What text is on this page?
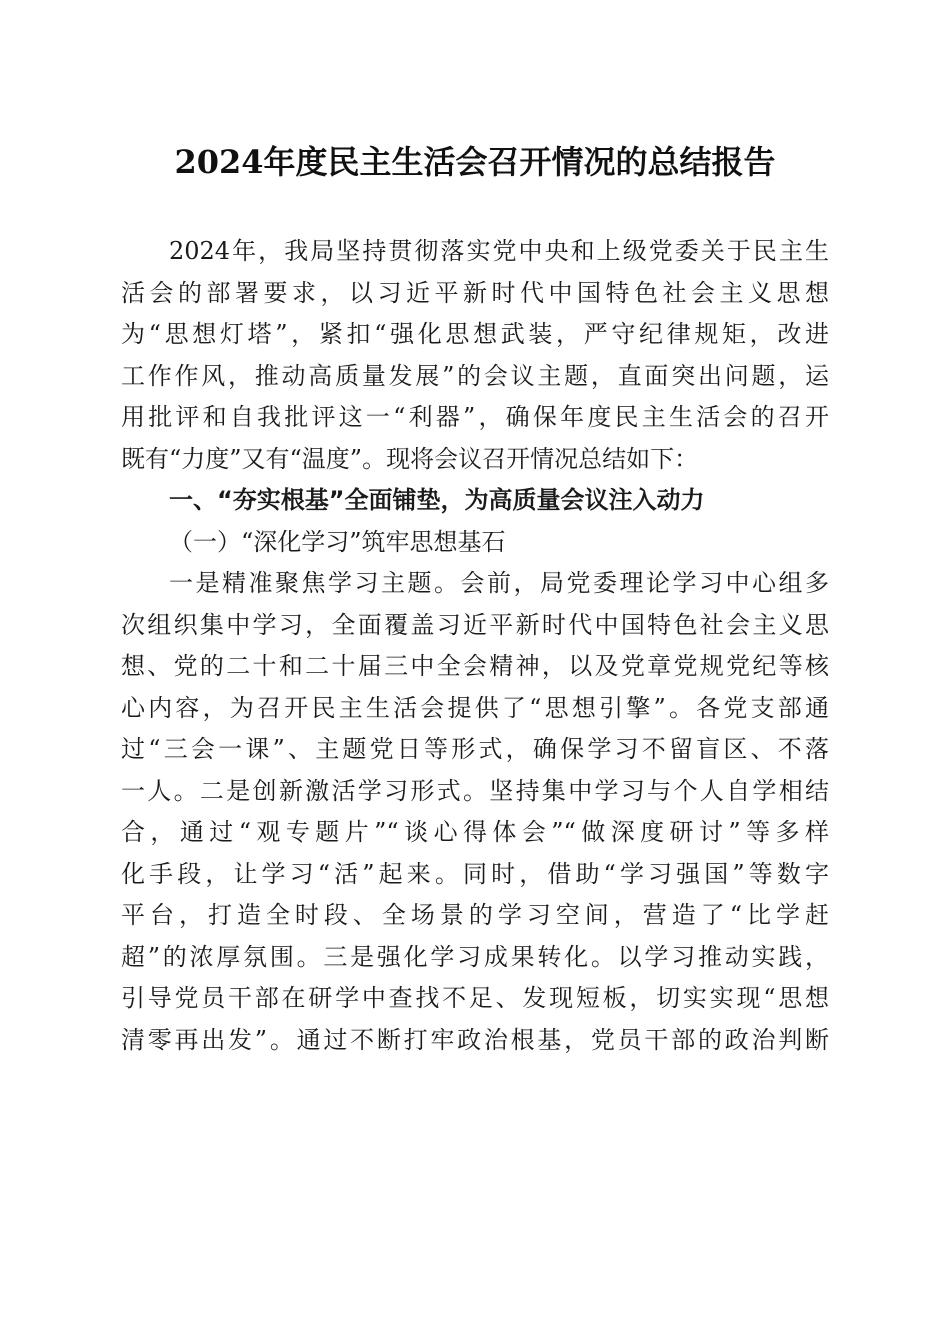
2024年度民主生活会召开情况的总结报告
2024年，我局坚持贯彻落实党中央和上级党委关于民主生
活会的部署要求，以习近平新时代中国特色社会主义思想
为“思想灯塔”，紧扣“强化思想武装，严守纪律规矩，改进
工作作风，推动高质量发展”的会议主题，直面突出问题，运
用批评和自我批评这一“利器”，确保年度民主生活会的召开
既有“力度”又有“温度”。现将会议召开情况总结如下：
一、“夯实根基”全面铺垫，为高质量会议注入动力
（一）“深化学习”筑牢思想基石
一是精准聚焦学习主题。会前，局党委理论学习中心组多
次组织集中学习，全面覆盖习近平新时代中国特色社会主义思
想、党的二十和二十届三中全会精神，以及党章党规党纪等核
心内容，为召开民主生活会提供了“思想引擎”。各党支部通
过“三会一课”、主题党日等形式，确保学习不留盲区、不落
一人。二是创新激活学习形式。坚持集中学习与个人自学相结
合，通过“观专题片”“谈心得体会”“做深度研讨”等多样
化手段，让学习“活”起来。同时，借助“学习强国”等数字
平台，打造全时段、全场景的学习空间，营造了“比学赶
超”的浓厚氛围。三是强化学习成果转化。以学习推动实践，
引导党员干部在研学中查找不足、发现短板，切实实现“思想
清零再出发”。通过不断打牢政治根基，党员干部的政治判断
